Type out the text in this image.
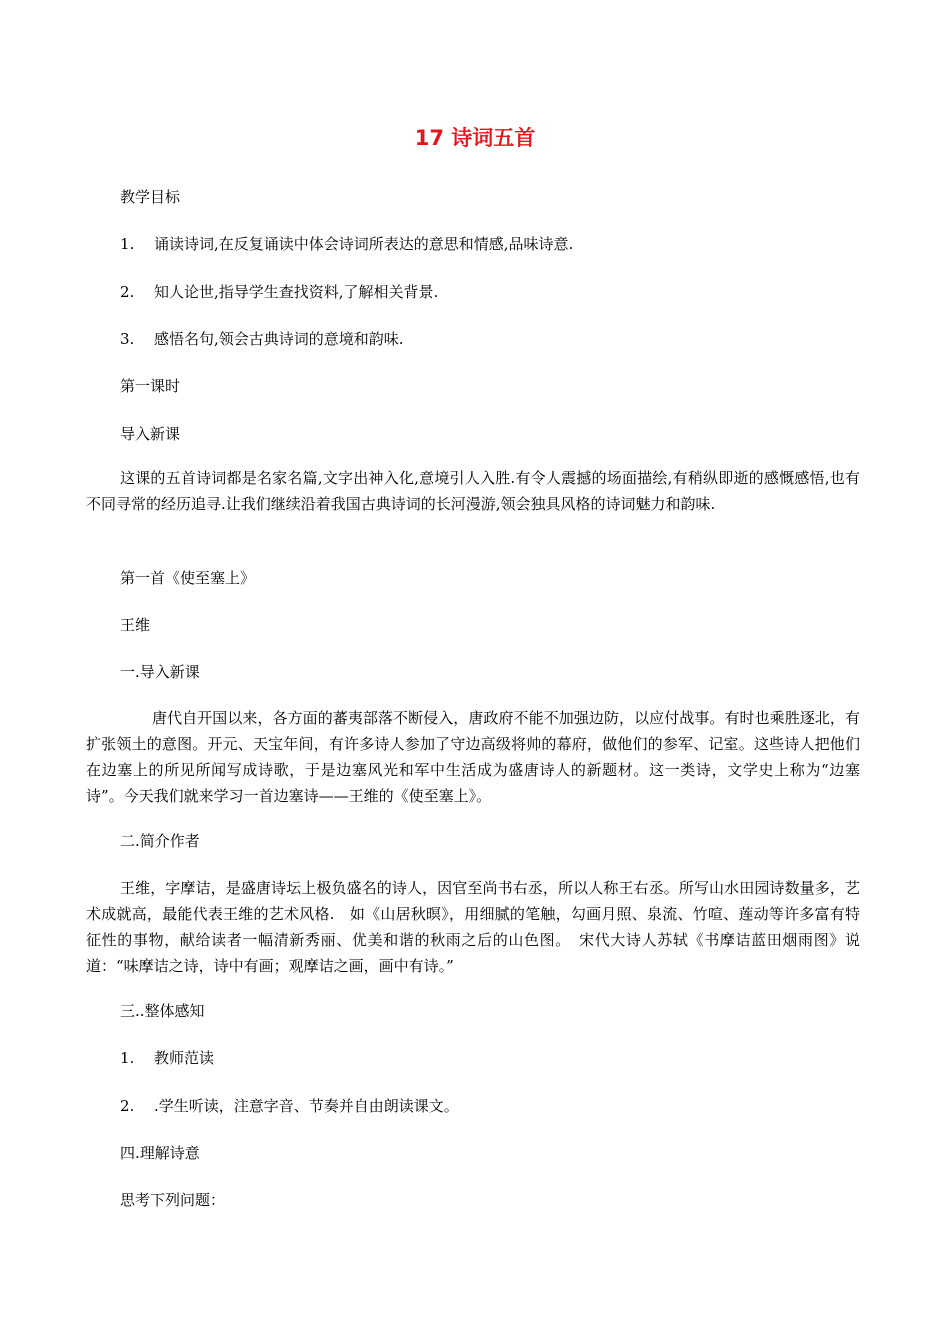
17 诗词五首
教学目标
1. 诵读诗词,在反复诵读中体会诗词所表达的意思和情感,品味诗意.
2. 知人论世,指导学生查找资料,了解相关背景.
3. 感悟名句,领会古典诗词的意境和韵味.
第一课时
导入新课
这课的五首诗词都是名家名篇,文字出神入化,意境引人入胜.有令人震撼的场面描绘,有稍纵即逝的感慨感悟,也有不同寻常的经历追寻.让我们继续沿着我国古典诗词的长河漫游,领会独具风格的诗词魅力和韵味.
第一首《使至塞上》
王维
一.导入新课
唐代自开国以来，各方面的蕃夷部落不断侵入，唐政府不能不加强边防，以应付战事。有时也乘胜逐北，有扩张领土的意图。开元、天宝年间，有许多诗人参加了守边高级将帅的幕府，做他们的参军、记室。这些诗人把他们在边塞上的所见所闻写成诗歌，于是边塞风光和军中生活成为盛唐诗人的新题材。这一类诗，文学史上称为“边塞诗”。今天我们就来学习一首边塞诗——王维的《使至塞上》。
二.简介作者
王维，字摩诘，是盛唐诗坛上极负盛名的诗人，因官至尚书右丞，所以人称王右丞。所写山水田园诗数量多，艺术成就高，最能代表王维的艺术风格.　如《山居秋暝》，用细腻的笔触，勾画月照、泉流、竹喧、莲动等许多富有特征性的事物，献给读者一幅清新秀丽、优美和谐的秋雨之后的山色图。　宋代大诗人苏轼《书摩诘蓝田烟雨图》说道：“味摩诘之诗，诗中有画；观摩诘之画，画中有诗。”
三..整体感知
1. 教师范读
2. .学生听读，注意字音、节奏并自由朗读课文。
四.理解诗意
思考下列问题：
